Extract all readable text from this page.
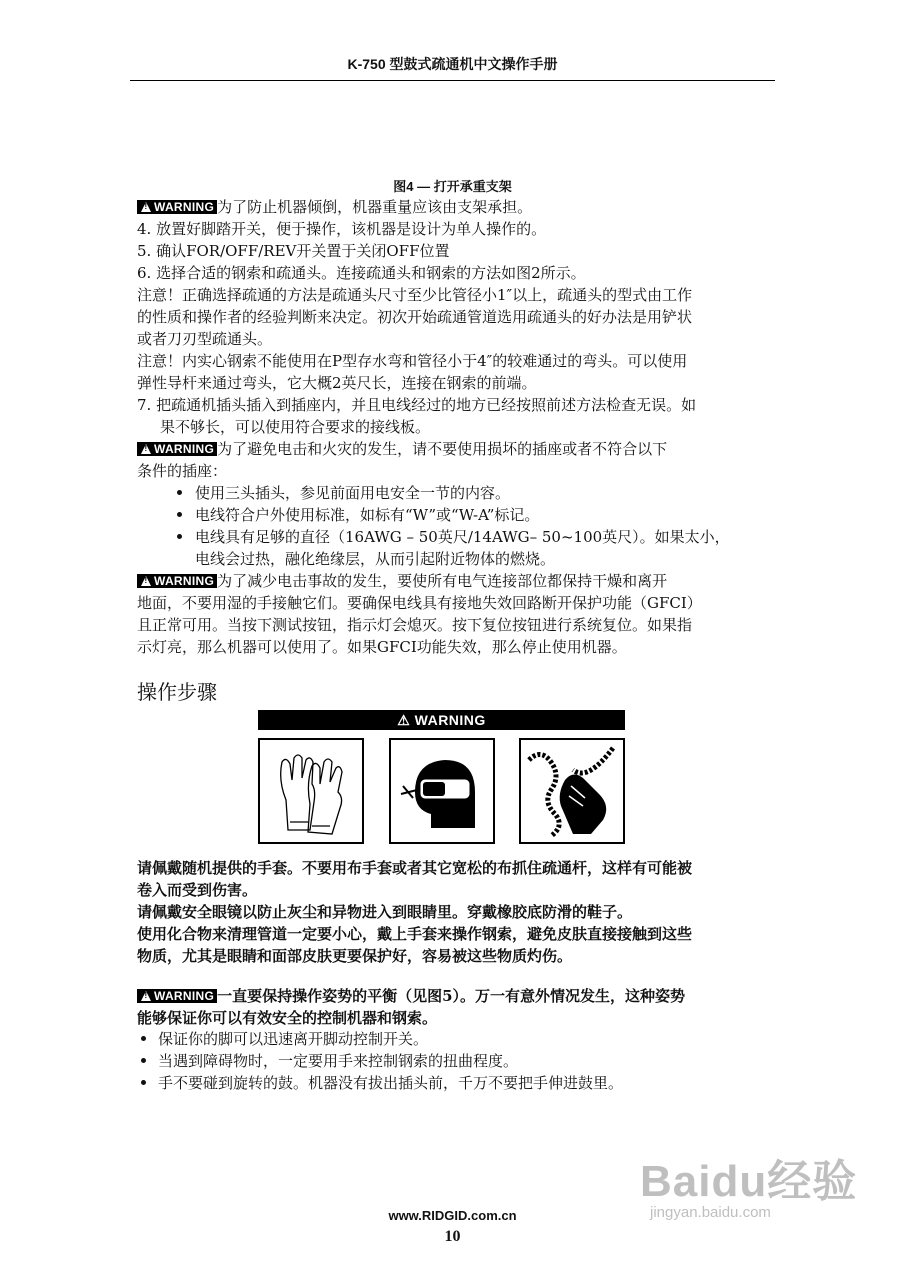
K-750 型鼓式疏通机中文操作手册
图4 — 打开承重支架
!WARNING 为了防止机器倾倒，机器重量应该由支架承担。
4. 放置好脚踏开关，便于操作，该机器是设计为单人操作的。
5. 确认FOR/OFF/REV开关置于关闭OFF位置
6. 选择合适的钢索和疏通头。连接疏通头和钢索的方法如图2所示。
注意！正确选择疏通的方法是疏通头尺寸至少比管径小1″以上，疏通头的型式由工作
的性质和操作者的经验判断来决定。初次开始疏通管道选用疏通头的好办法是用铲状
或者刀刃型疏通头。
注意！内实心钢索不能使用在P型存水弯和管径小于4″的较难通过的弯头。可以使用
弹性导杆来通过弯头，它大概2英尺长，连接在钢索的前端。
7. 把疏通机插头插入到插座内，并且电线经过的地方已经按照前述方法检查无误。如
果不够长，可以使用符合要求的接线板。
!WARNING 为了避免电击和火灾的发生，请不要使用损坏的插座或者不符合以下
条件的插座：
使用三头插头，参见前面用电安全一节的内容。
电线符合户外使用标准，如标有“W”或“W-A”标记。
电线具有足够的直径（16AWG – 50英尺/14AWG– 50~100英尺）。如果太小，
电线会过热，融化绝缘层，从而引起附近物体的燃烧。
!WARNING 为了减少电击事故的发生，要使所有电气连接部位都保持干燥和离开
地面，不要用湿的手接触它们。要确保电线具有接地失效回路断开保护功能（GFCI）
且正常可用。当按下测试按钮，指示灯会熄灭。按下复位按钮进行系统复位。如果指
示灯亮，那么机器可以使用了。如果GFCI功能失效，那么停止使用机器。
操作步骤
⚠ WARNING
请佩戴随机提供的手套。不要用布手套或者其它宽松的布抓住疏通杆，这样有可能被
卷入而受到伤害。
请佩戴安全眼镜以防止灰尘和异物进入到眼睛里。穿戴橡胶底防滑的鞋子。
使用化合物来清理管道一定要小心，戴上手套来操作钢索，避免皮肤直接接触到这些
物质，尤其是眼睛和面部皮肤更要保护好，容易被这些物质灼伤。
!WARNING 一直要保持操作姿势的平衡（见图5）。万一有意外情况发生，这种姿势
能够保证你可以有效安全的控制机器和钢索。
保证你的脚可以迅速离开脚动控制开关。
当遇到障碍物时，一定要用手来控制钢索的扭曲程度。
手不要碰到旋转的鼓。机器没有拔出插头前，千万不要把手伸进鼓里。
Baidu经验
jingyan.baidu.com
www.RIDGID.com.cn
10
